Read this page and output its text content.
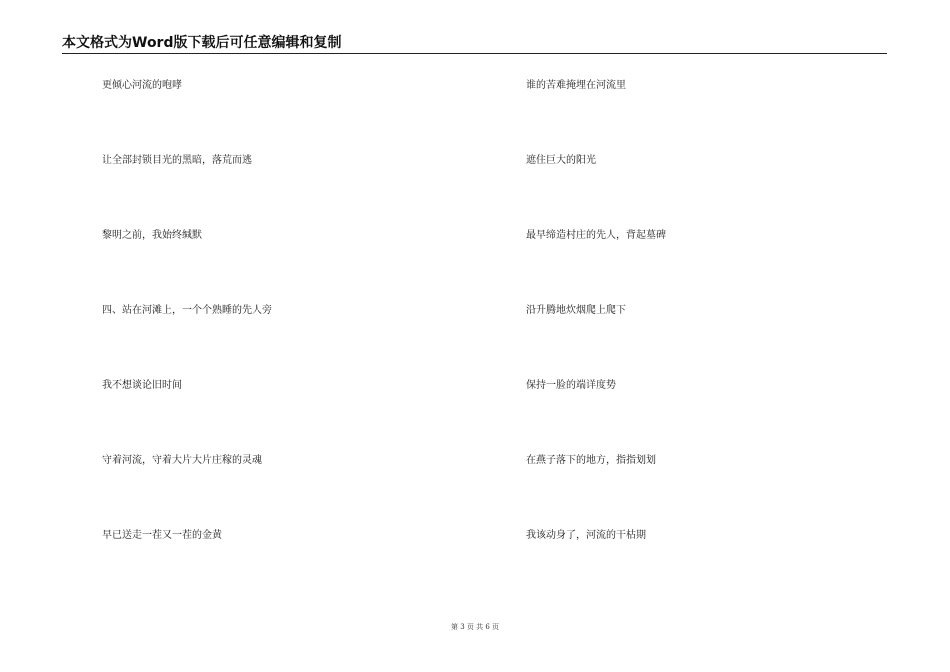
本文格式为Word版下载后可任意编辑和复制
更倾心河流的咆哮
让全部封锁目光的黑暗，落荒而逃
黎明之前，我始终缄默
四、站在河滩上，一个个熟睡的先人旁
我不想谈论旧时间
守着河流，守着大片大片庄稼的灵魂
早已送走一茬又一茬的金黄
谁的苦难掩埋在河流里
遮住巨大的阳光
最早缔造村庄的先人，背起墓碑
沿升腾地炊烟爬上爬下
保持一脸的端详度势
在燕子落下的地方，指指划划
我该动身了，河流的干枯期
第 3 页 共 6 页
